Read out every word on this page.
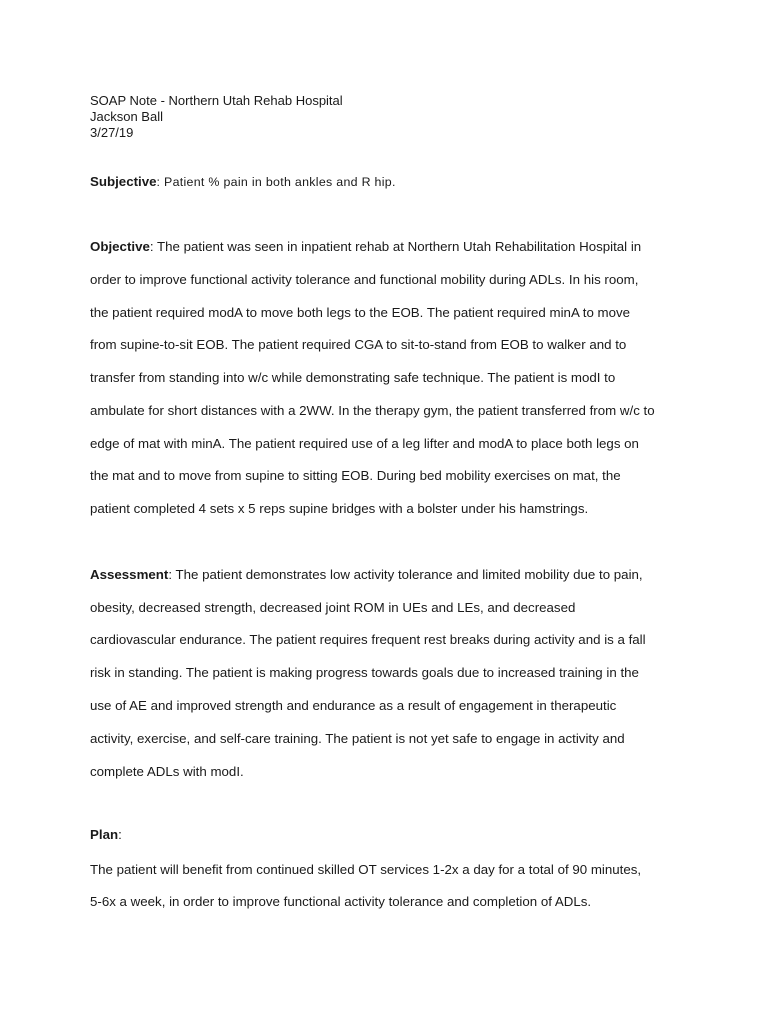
SOAP Note - Northern Utah Rehab Hospital
Jackson Ball
3/27/19
Subjective: Patient % pain in both ankles and R hip.
Objective: The patient was seen in inpatient rehab at Northern Utah Rehabilitation Hospital in
order to improve functional activity tolerance and functional mobility during ADLs. In his room,
the patient required modA to move both legs to the EOB. The patient required minA to move
from supine-to-sit EOB. The patient required CGA to sit-to-stand from EOB to walker and to
transfer from standing into w/c while demonstrating safe technique. The patient is modI to
ambulate for short distances with a 2WW. In the therapy gym, the patient transferred from w/c to
edge of mat with minA. The patient required use of a leg lifter and modA to place both legs on
the mat and to move from supine to sitting EOB. During bed mobility exercises on mat, the
patient completed 4 sets x 5 reps supine bridges with a bolster under his hamstrings.
Assessment: The patient demonstrates low activity tolerance and limited mobility due to pain,
obesity, decreased strength, decreased joint ROM in UEs and LEs, and decreased
cardiovascular endurance. The patient requires frequent rest breaks during activity and is a fall
risk in standing. The patient is making progress towards goals due to increased training in the
use of AE and improved strength and endurance as a result of engagement in therapeutic
activity, exercise, and self-care training. The patient is not yet safe to engage in activity and
complete ADLs with modI.
Plan:
The patient will benefit from continued skilled OT services 1-2x a day for a total of 90 minutes,
5-6x a week, in order to improve functional activity tolerance and completion of ADLs.
